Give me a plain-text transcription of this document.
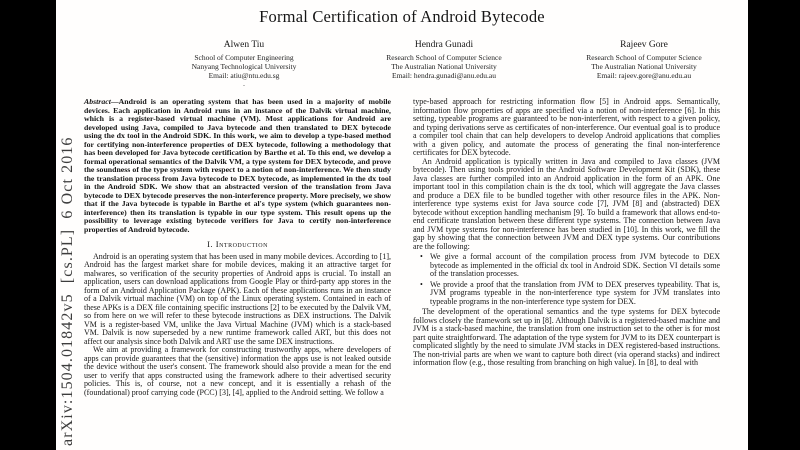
arXiv:1504.01842v5  [cs.PL]  6 Oct 2016
Formal Certification of Android Bytecode
Alwen Tiu
School of Computer Engineering
Nanyang Technological University
Email: atiu@ntu.edu.sg
.
Hendra Gunadi
Research School of Computer Science
The Australian National University
Email: hendra.gunadi@anu.edu.au
Rajeev Gore
Research School of Computer Science
The Australian National University
Email: rajeev.gore@anu.edu.au

Abstract—Android is an operating system that has been used in a majority of mobile devices. Each application in Android runs in an instance of the Dalvik virtual machine, which is a register-based virtual machine (VM). Most applications for Android are developed using Java, compiled to Java bytecode and then translated to DEX bytecode using the dx tool in the Android SDK. In this work, we aim to develop a type-based method for certifying non-interference properties of DEX bytecode, following a methodology that has been developed for Java bytecode certification by Barthe et al. To this end, we develop a formal operational semantics of the Dalvik VM, a type system for DEX bytecode, and prove the soundness of the type system with respect to a notion of non-interference. We then study the translation process from Java bytecode to DEX bytecode, as implemented in the dx tool in the Android SDK. We show that an abstracted version of the translation from Java bytecode to DEX bytecode preserves the non-interference property. More precisely, we show that if the Java bytecode is typable in Barthe et al's type system (which guarantees non-interference) then its translation is typable in our type system. This result opens up the possibility to leverage existing bytecode verifiers for Java to certify non-interference properties of Android bytecode.

I. Introduction

Android is an operating system that has been used in many mobile devices. According to [1], Android has the largest market share for mobile devices, making it an attractive target for malwares, so verification of the security properties of Android apps is crucial. To install an application, users can download applications from Google Play or third-party app stores in the form of an Android Application Package (APK). Each of these applications runs in an instance of a Dalvik virtual machine (VM) on top of the Linux operating system. Contained in each of these APKs is a DEX file containing specific instructions [2] to be executed by the Dalvik VM, so from here on we will refer to these bytecode instructions as DEX instructions. The Dalvik VM is a register-based VM, unlike the Java Virtual Machine (JVM) which is a stack-based VM. Dalvik is now superseded by a new runtime framework called ART, but this does not affect our analysis since both Dalvik and ART use the same DEX instructions.

We aim at providing a framework for constructing trustworthy apps, where developers of apps can provide guarantees that the (sensitive) information the apps use is not leaked outside the device without the user's consent. The framework should also provide a mean for the end user to verify that apps constructed using the framework adhere to their advertised security policies. This is, of course, not a new concept, and it is essentially a rehash of the (foundational) proof carrying code (PCC) [3], [4], applied to the Android setting. We follow a

type-based approach for restricting information flow [5] in Android apps. Semantically, information flow properties of apps are specified via a notion of non-interference [6]. In this setting, typeable programs are guaranteed to be non-interferent, with respect to a given policy, and typing derivations serve as certificates of non-interference. Our eventual goal is to produce a compiler tool chain that can help developers to develop Android applications that complies with a given policy, and automate the process of generating the final non-interference certificates for DEX bytecode.

An Android application is typically written in Java and compiled to Java classes (JVM bytecode). Then using tools provided in the Android Software Development Kit (SDK), these Java classes are further compiled into an Android application in the form of an APK. One important tool in this compilation chain is the dx tool, which will aggregate the Java classes and produce a DEX file to be bundled together with other resource files in the APK. Non-interference type systems exist for Java source code [7], JVM [8] and (abstracted) DEX bytecode without exception handling mechanism [9]. To build a framework that allows end-to-end certificate translation between these different type systems. The connection between Java and JVM type systems for non-interference has been studied in [10]. In this work, we fill the gap by showing that the connection between JVM and DEX type systems. Our contributions are the following:

• We give a formal account of the compilation process from JVM bytecode to DEX bytecode as implemented in the official dx tool in Android SDK. Section VI details some of the translation processes.
• We provide a proof that the translation from JVM to DEX preserves typeability. That is, JVM programs typeable in the non-interference type system for JVM translates into typeable programs in the non-interference type system for DEX.

The development of the operational semantics and the type systems for DEX bytecode follows closely the framework set up in [8]. Although Dalvik is a registered-based machine and JVM is a stack-based machine, the translation from one instruction set to the other is for most part quite straightforward. The adaptation of the type system for JVM to its DEX counterpart is complicated slightly by the need to simulate JVM stacks in DEX registered-based instructions. The non-trivial parts are when we want to capture both direct (via operand stacks) and indirect information flow (e.g., those resulting from branching on high value). In [8], to deal with
